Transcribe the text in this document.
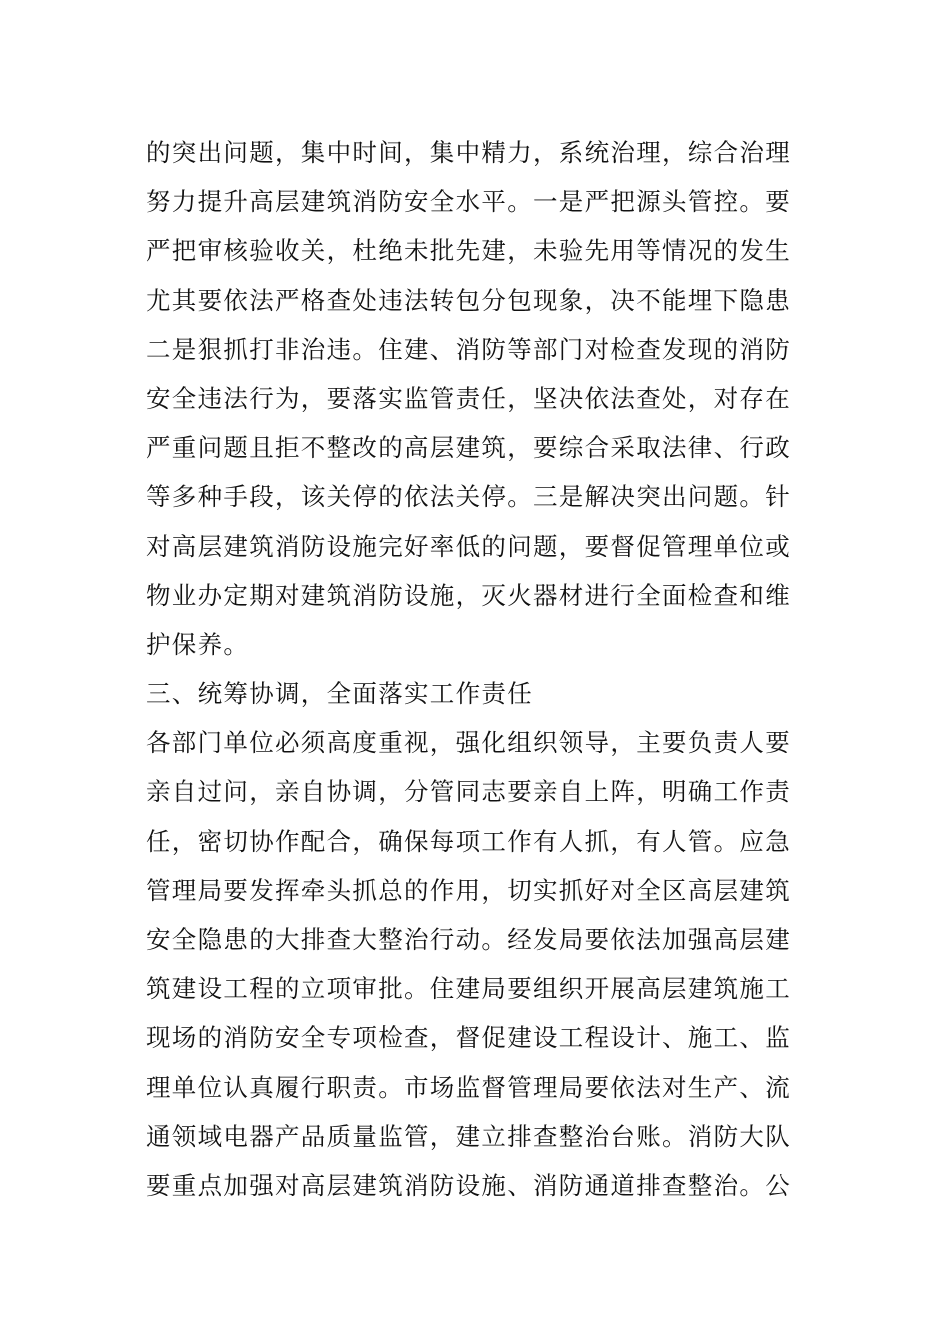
的突出问题，集中时间，集中精力，系统治理，综合治理
努力提升高层建筑消防安全水平。一是严把源头管控。要
严把审核验收关，杜绝未批先建，未验先用等情况的发生
尤其要依法严格查处违法转包分包现象，决不能埋下隐患
二是狠抓打非治违。住建、消防等部门对检查发现的消防
安全违法行为，要落实监管责任，坚决依法查处，对存在
严重问题且拒不整改的高层建筑，要综合采取法律、行政
等多种手段，该关停的依法关停。三是解决突出问题。针
对高层建筑消防设施完好率低的问题，要督促管理单位或
物业办定期对建筑消防设施，灭火器材进行全面检查和维
护保养。
三、统筹协调，全面落实工作责任
各部门单位必须高度重视，强化组织领导，主要负责人要
亲自过问，亲自协调，分管同志要亲自上阵，明确工作责
任，密切协作配合，确保每项工作有人抓，有人管。应急
管理局要发挥牵头抓总的作用，切实抓好对全区高层建筑
安全隐患的大排查大整治行动。经发局要依法加强高层建
筑建设工程的立项审批。住建局要组织开展高层建筑施工
现场的消防安全专项检查，督促建设工程设计、施工、监
理单位认真履行职责。市场监督管理局要依法对生产、流
通领域电器产品质量监管，建立排查整治台账。消防大队
要重点加强对高层建筑消防设施、消防通道排查整治。公
